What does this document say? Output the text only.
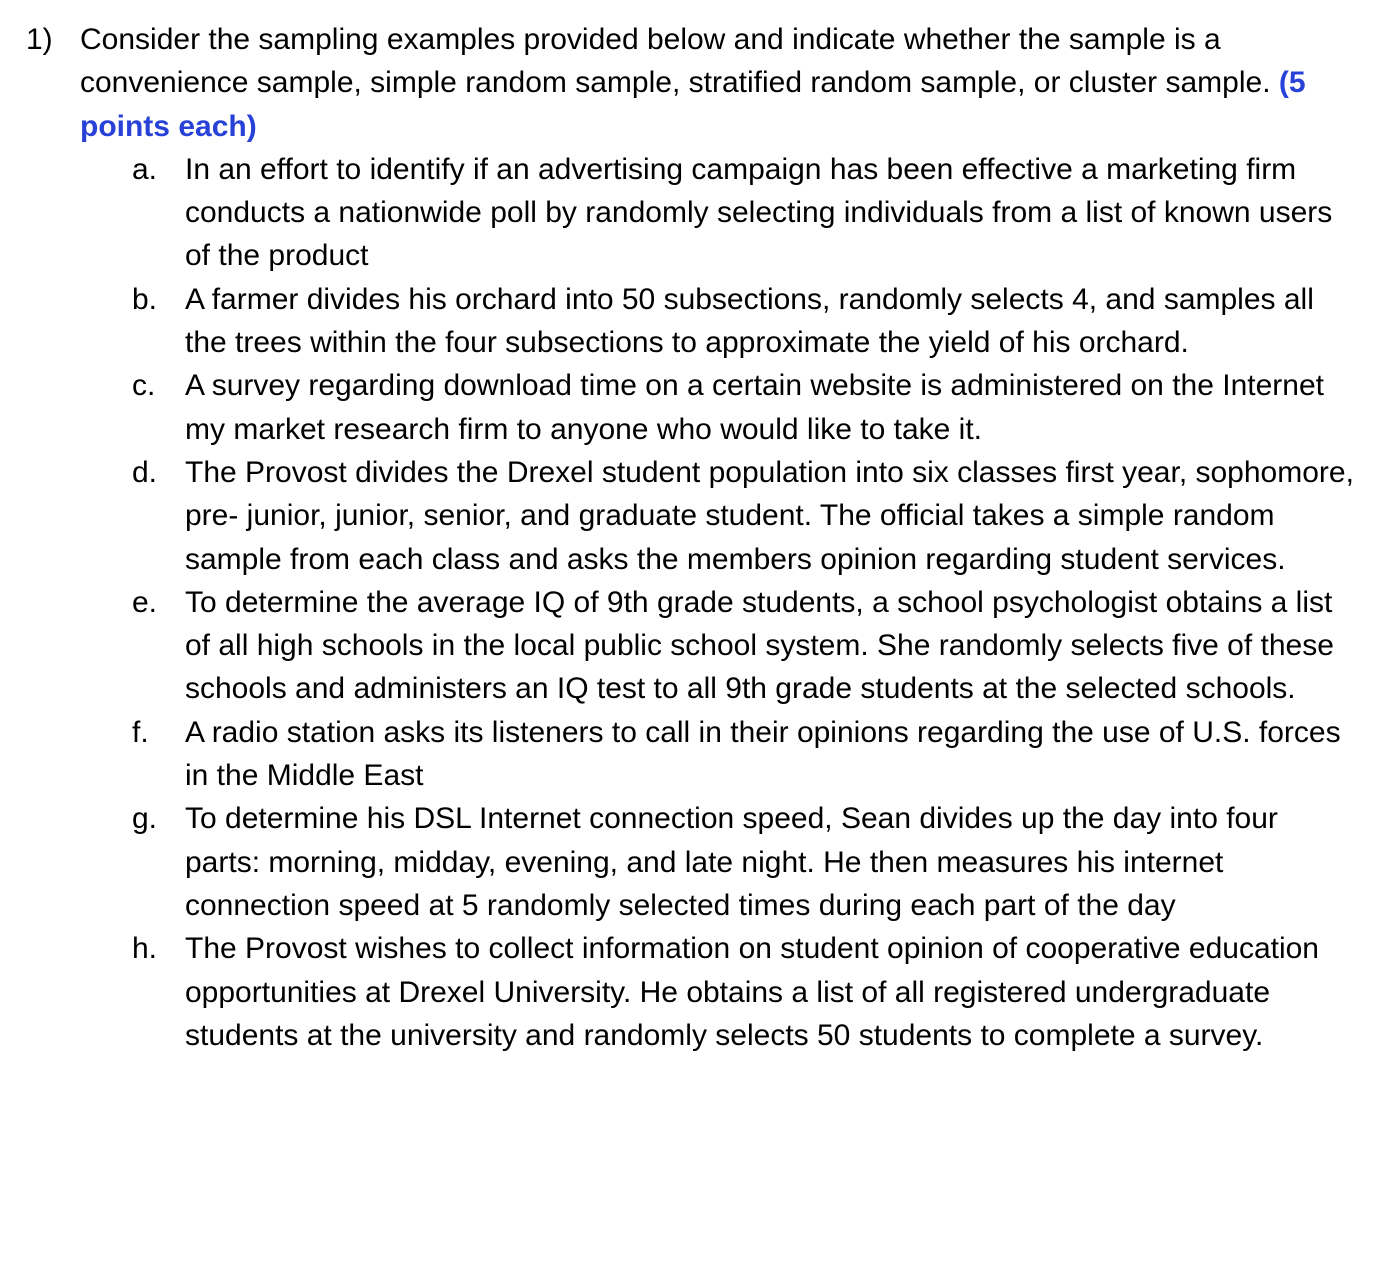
1) Consider the sampling examples provided below and indicate whether the sample is a convenience sample, simple random sample, stratified random sample, or cluster sample. (5 points each)
a. In an effort to identify if an advertising campaign has been effective a marketing firm conducts a nationwide poll by randomly selecting individuals from a list of known users of the product
b. A farmer divides his orchard into 50 subsections, randomly selects 4, and samples all the trees within the four subsections to approximate the yield of his orchard.
c. A survey regarding download time on a certain website is administered on the Internet my market research firm to anyone who would like to take it.
d. The Provost divides the Drexel student population into six classes first year, sophomore, pre- junior, junior, senior, and graduate student. The official takes a simple random sample from each class and asks the members opinion regarding student services.
e. To determine the average IQ of 9th grade students, a school psychologist obtains a list of all high schools in the local public school system. She randomly selects five of these schools and administers an IQ test to all 9th grade students at the selected schools.
f.	A radio station asks its listeners to call in their opinions regarding the use of U.S. forces in the Middle East
g. To determine his DSL Internet connection speed, Sean divides up the day into four parts: morning, midday, evening, and late night. He then measures his internet connection speed at 5 randomly selected times during each part of the day
h. The Provost wishes to collect information on student opinion of cooperative education opportunities at Drexel University. He obtains a list of all registered undergraduate students at the university and randomly selects 50 students to complete a survey.
